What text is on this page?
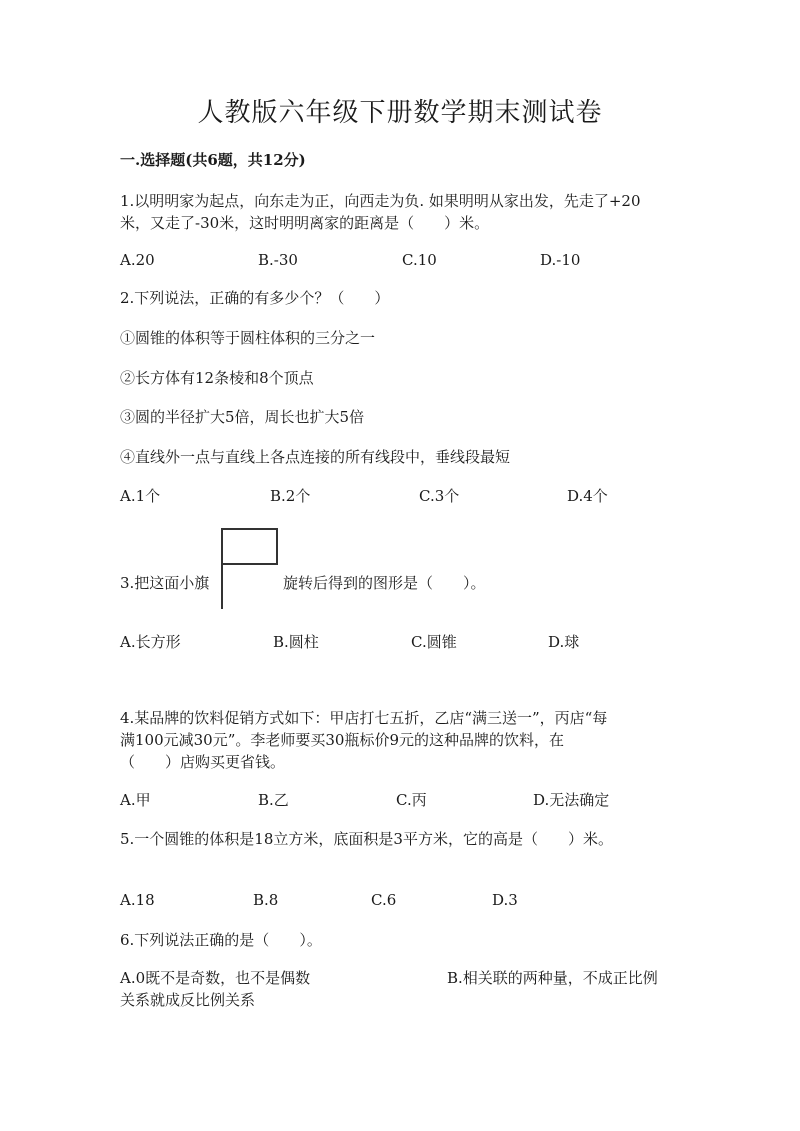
人教版六年级下册数学期末测试卷
一.选择题(共6题，共12分)
1.以明明家为起点，向东走为正，向西走为负. 如果明明从家出发，先走了+20
米，又走了-30米，这时明明离家的距离是（　　）米。
A.20	B.-30	C.10	D.-10
2.下列说法，正确的有多少个？（　　）
①圆锥的体积等于圆柱体积的三分之一
②长方体有12条棱和8个顶点
③圆的半径扩大5倍，周长也扩大5倍
④直线外一点与直线上各点连接的所有线段中，垂线段最短
A.1个	B.2个	C.3个	D.4个
3.把这面小旗	旋转后得到的图形是（　　）。
A.长方形	B.圆柱	C.圆锥	D.球
4.某品牌的饮料促销方式如下：甲店打七五折，乙店“满三送一”，丙店“每
满100元减30元”。李老师要买30瓶标价9元的这种品牌的饮料，在
（　　）店购买更省钱。
A.甲	B.乙	C.丙	D.无法确定
5.一个圆锥的体积是18立方米，底面积是3平方米，它的高是（　　）米。
A.18	B.8	C.6	D.3
6.下列说法正确的是（　　）。
A.0既不是奇数，也不是偶数	B.相关联的两种量，不成正比例
关系就成反比例关系
